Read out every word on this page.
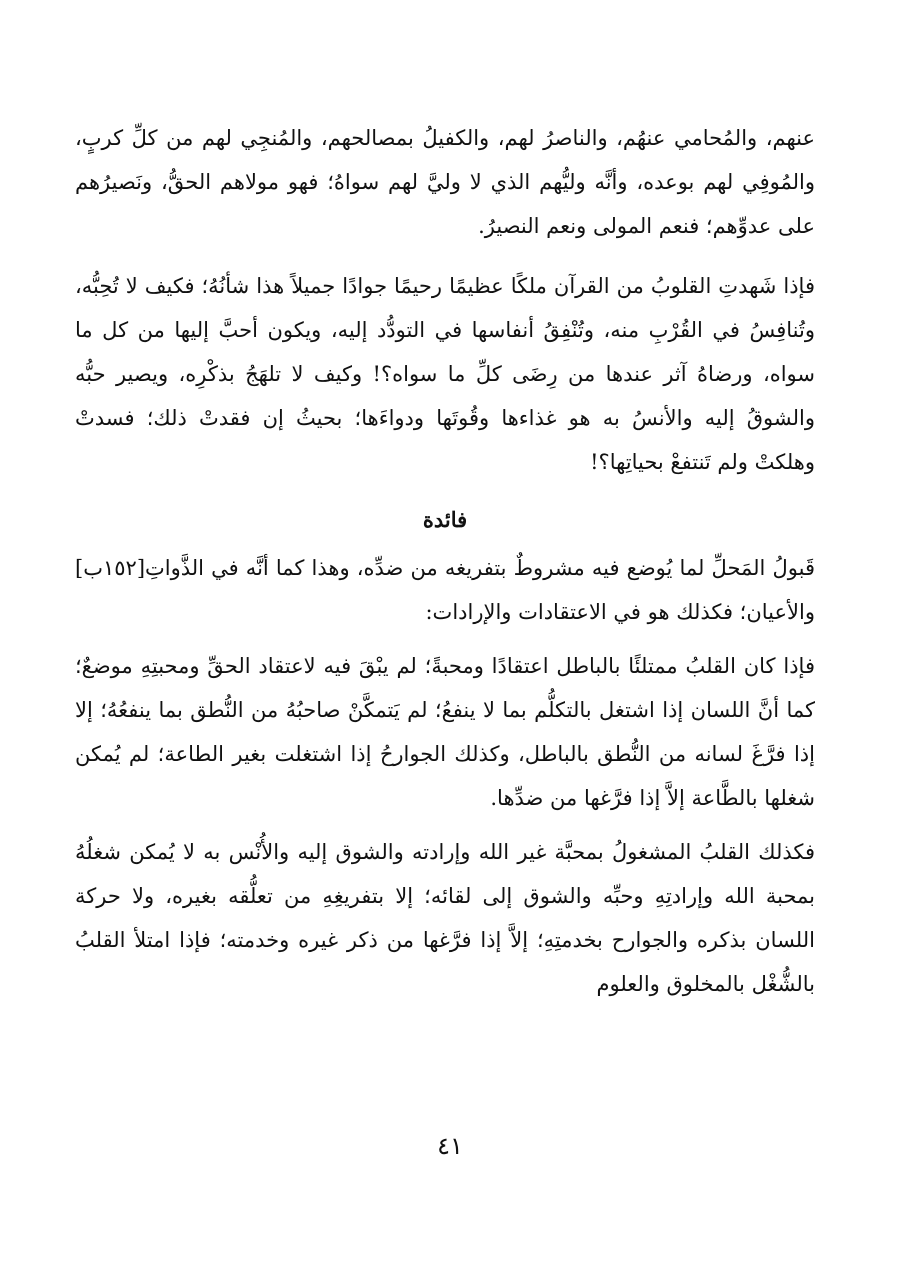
عنهم، والمُحامي عنهُم، والناصرُ لهم، والكفيلُ بمصالحهم، والمُنجِي لهم من كلِّ كربٍ، والمُوفِي لهم بوعده، وأنَّه وليُّهم الذي لا وليَّ لهم سواهُ؛ فهو مولاهم الحقُّ، ونَصيرُهم على عدوِّهم؛ فنعم المولى ونعم النصيرُ.

فإذا شَهدتِ القلوبُ من القرآن ملكًا عظيمًا رحيمًا جوادًا جميلاً هذا شأنُهُ؛ فكيف لا تُحِبُّه، وتُنافِسُ في القُرْبِ منه، وتُنْفِقُ أنفاسها في التودُّد إليه، ويكون أحبَّ إليها من كل ما سواه، ورضاهُ آثر عندها من رِضَى كلِّ ما سواه؟! وكيف لا تلهَجُ بذكْرِه، ويصير حبُّه والشوقُ إليه والأنسُ به هو غذاءها وقُوتَها ودواءَها؛ بحيثُ إن فقدتْ ذلك؛ فسدتْ وهلكتْ ولم تَنتفعْ بحياتِها؟!

فائدة

قَبولُ المَحلِّ لما يُوضع فيه مشروطٌ بتفريغه من ضدِّه، وهذا كما أنَّه في الذَّواتِ[١٥٢ب] والأعيان؛ فكذلك هو في الاعتقادات والإرادات:

فإذا كان القلبُ ممتلئًا بالباطل اعتقادًا ومحبةً؛ لم يبْقَ فيه لاعتقاد الحقِّ ومحبتِهِ موضعٌ؛ كما أنَّ اللسان إذا اشتغل بالتكلُّم بما لا ينفعُ؛ لم يَتمكَّنْ صاحبُهُ من النُّطق بما ينفعُهُ؛ إلا إذا فرَّغَ لسانه من النُّطق بالباطل، وكذلك الجوارحُ إذا اشتغلت بغير الطاعة؛ لم يُمكن شغلها بالطَّاعة إلاَّ إذا فرَّغها من ضدِّها.

فكذلك القلبُ المشغولُ بمحبَّة غير الله وإرادته والشوق إليه والأُنْس به لا يُمكن شغلُهُ بمحبة الله وإرادتِهِ وحبِّه والشوق إلى لقائه؛ إلا بتفريغِهِ من تعلُّقه بغيره، ولا حركة اللسان بذكره والجوارح بخدمتِهِ؛ إلاَّ إذا فرَّغها من ذكر غيره وخدمته؛ فإذا امتلأ القلبُ بالشُّغْل بالمخلوق والعلوم

٤١
